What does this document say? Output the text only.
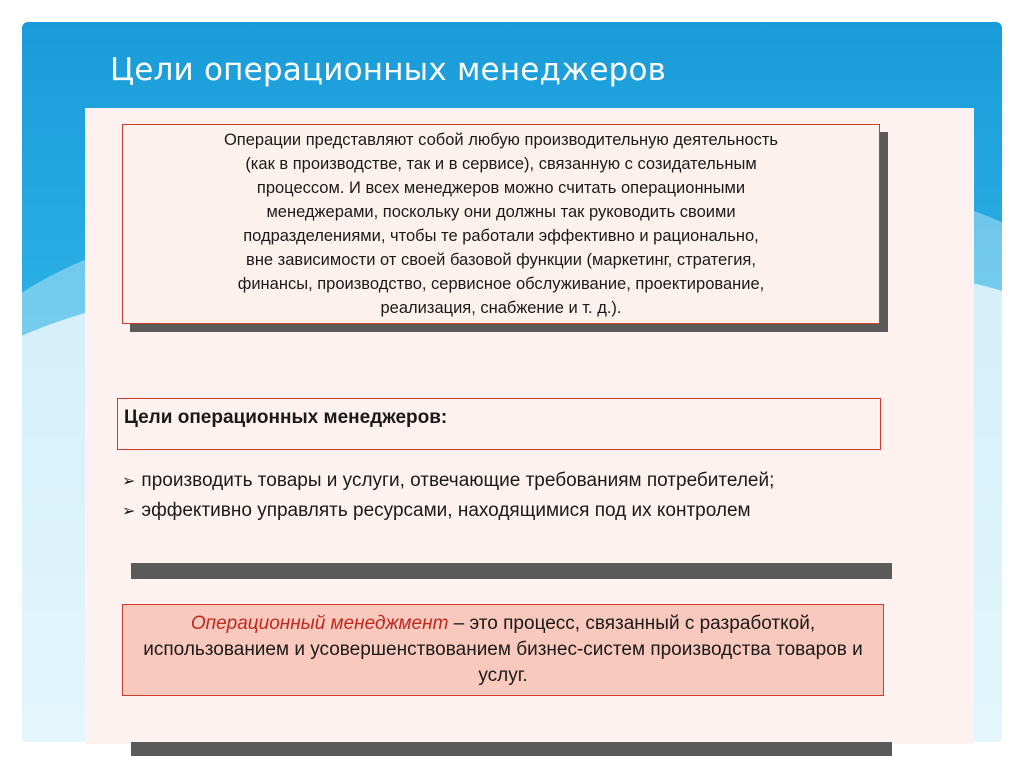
Цели операционных менеджеров
Операции представляют собой любую производительную деятельность
(как в производстве, так и в сервисе), связанную с созидательным
процессом. И всех менеджеров можно считать операционными
менеджерами, поскольку они должны так руководить своими
подразделениями, чтобы те работали эффективно и рационально,
вне зависимости от своей базовой функции (маркетинг, стратегия,
финансы, производство, сервисное обслуживание, проектирование,
реализация, снабжение и т. д.).
Цели операционных менеджеров:
➢ производить товары и услуги, отвечающие требованиям потребителей;
➢ эффективно управлять ресурсами, находящимися под их контролем
Операционный менеджмент – это процесс, связанный с разработкой, использованием и усовершенствованием бизнес-систем производства товаров и услуг.
